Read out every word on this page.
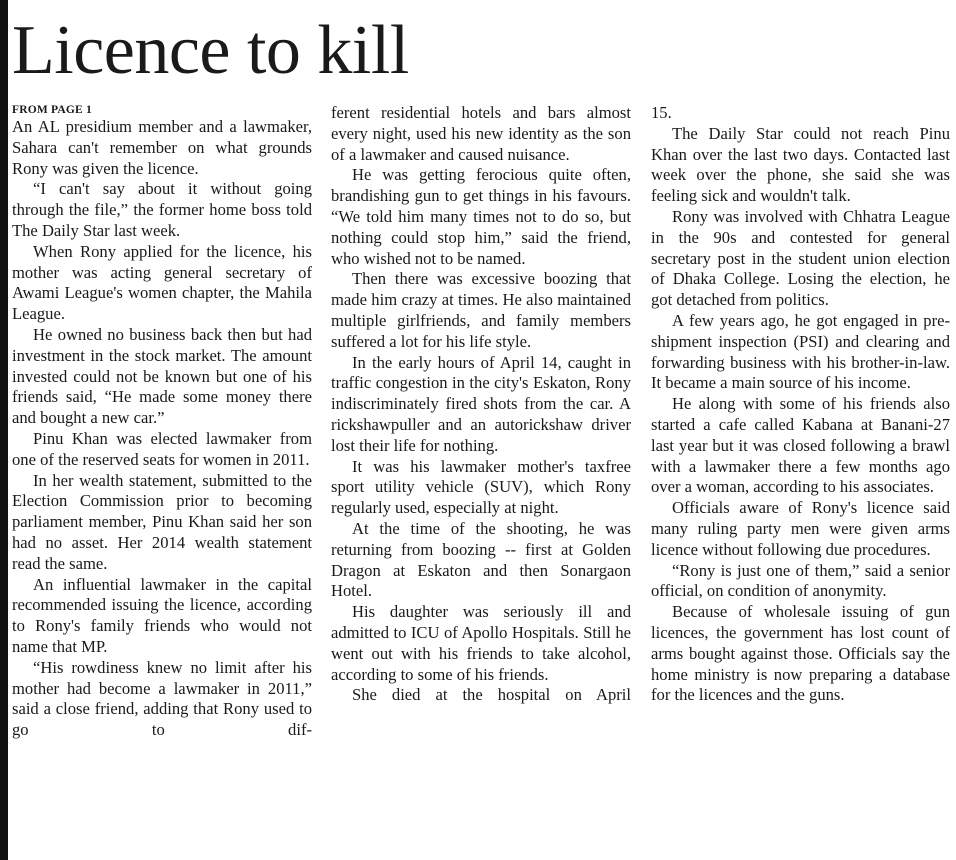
Licence to kill
FROM PAGE 1

An AL presidium member and a lawmaker, Sahara can't remember on what grounds Rony was given the licence.

“I can't say about it without going through the file,” the former home boss told The Daily Star last week.

When Rony applied for the licence, his mother was acting general secretary of Awami League's women chapter, the Mahila League.

He owned no business back then but had investment in the stock market. The amount invested could not be known but one of his friends said, “He made some money there and bought a new car.”

Pinu Khan was elected lawmaker from one of the reserved seats for women in 2011.

In her wealth statement, submitted to the Election Commission prior to becoming parliament member, Pinu Khan said her son had no asset. Her 2014 wealth statement read the same.

An influential lawmaker in the capital recommended issuing the licence, according to Rony's family friends who would not name that MP.

“His rowdiness knew no limit after his mother had become a lawmaker in 2011,” said a close friend, adding that Rony used to go to dif-

ferent residential hotels and bars almost every night, used his new identity as the son of a lawmaker and caused nuisance.

He was getting ferocious quite often, brandishing gun to get things in his favours. “We told him many times not to do so, but nothing could stop him,” said the friend, who wished not to be named.

Then there was excessive boozing that made him crazy at times. He also maintained multiple girlfriends, and family members suffered a lot for his life style.

In the early hours of April 14, caught in traffic congestion in the city's Eskaton, Rony indiscriminately fired shots from the car. A rickshawpuller and an autorickshaw driver lost their life for nothing.

It was his lawmaker mother's taxfree sport utility vehicle (SUV), which Rony regularly used, especially at night.

At the time of the shooting, he was returning from boozing -- first at Golden Dragon at Eskaton and then Sonargaon Hotel.

His daughter was seriously ill and admitted to ICU of Apollo Hospitals. Still he went out with his friends to take alcohol, according to some of his friends.

She died at the hospital on April

15.

The Daily Star could not reach Pinu Khan over the last two days. Contacted last week over the phone, she said she was feeling sick and wouldn't talk.

Rony was involved with Chhatra League in the 90s and contested for general secretary post in the student union election of Dhaka College. Losing the election, he got detached from politics.

A few years ago, he got engaged in pre-shipment inspection (PSI) and clearing and forwarding business with his brother-in-law. It became a main source of his income.

He along with some of his friends also started a cafe called Kabana at Banani-27 last year but it was closed following a brawl with a lawmaker there a few months ago over a woman, according to his associates.

Officials aware of Rony's licence said many ruling party men were given arms licence without following due procedures.

“Rony is just one of them,” said a senior official, on condition of anonymity.

Because of wholesale issuing of gun licences, the government has lost count of arms bought against those. Officials say the home ministry is now preparing a database for the licences and the guns.
